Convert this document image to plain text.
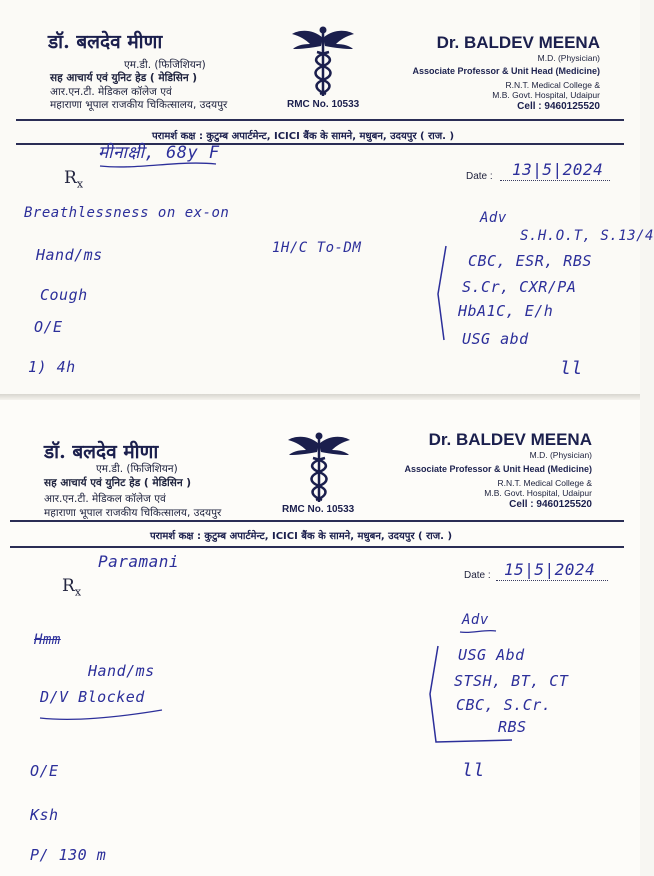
डॉ. बलदेव मीणा
एम.डी. (फिजिशियन)
सह आचार्य एवं युनिट हेड ( मेडिसिन )
आर.एन.टी. मेडिकल कॉलेज एवं
महाराणा भूपाल राजकीय चिकित्सालय, उदयपुर	RMC No. 10533
Dr. BALDEV MEENA
M.D. (Physician)
Associate Professor & Unit Head (Medicine)
R.N.T. Medical College &
M.B. Govt. Hospital, Udaipur
Cell : 9460125520
परामर्श कक्ष : कुटुम्ब अपार्टमेन्ट, ICICI बैंक के सामने, मधुबन, उदयपुर ( राज. )
$R_x$
Date :
मीनाक्षी, 68y F
13|5|2024
Breathlessness on ex-on
Hand/ms
Cough
O/E
1) 4h
1H/C To-DM
Adv
S.H.O.T, S.13/4
CBC, ESR, RBS
S.Cr, CXR/PA
HbA1C, E/h
USG abd
ll
डॉ. बलदेव मीणा
एम.डी. (फिजिशियन)
सह आचार्य एवं युनिट हेड ( मेडिसिन )
आर.एन.टी. मेडिकल कॉलेज एवं
महाराणा भूपाल राजकीय चिकित्सालय, उदयपुर	RMC No. 10533
Dr. BALDEV MEENA
M.D. (Physician)
Associate Professor & Unit Head (Medicine)
R.N.T. Medical College &
M.B. Govt. Hospital, Udaipur
Cell : 9460125520
परामर्श कक्ष : कुटुम्ब अपार्टमेन्ट, ICICI बैंक के सामने, मधुबन, उदयपुर ( राज. )
$R_x$
Date :
Paramani	15|5|2024
Hmm
Hand/ms
D/V Blocked
O/E
Ksh
P/ 130 m
Adv
USG Abd
STSH, BT, CT
CBC, S.Cr.
RBS
ll
